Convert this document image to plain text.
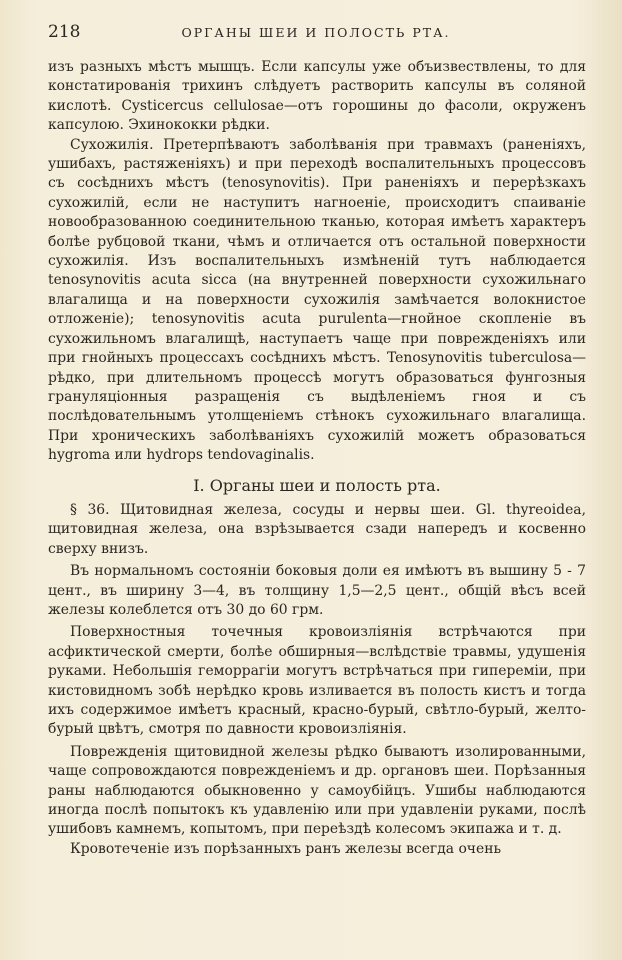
218	ОРГАНЫ ШЕИ И ПОЛОСТЬ РТА.

изъ разныхъ мѣстъ мышцъ. Если капсулы уже объизвествлены, то для констатированія трихинъ слѣдуетъ растворить капсулы въ соляной кислотѣ. Cysticercus cellulosae—отъ горошины до фасоли, окруженъ капсулою. Эхинококки рѣдки.

Сухожилія. Претерпѣваютъ заболѣванія при травмахъ (раненіяхъ, ушибахъ, растяженіяхъ) и при переходѣ воспалительныхъ процессовъ съ сосѣднихъ мѣстъ (tenosynovitis). При раненіяхъ и перерѣзкахъ сухожилій, если не наступитъ нагноеніе, происходитъ спаиваніе новообразованною соединительною тканью, которая имѣетъ характеръ болѣе рубцовой ткани, чѣмъ и отличается отъ остальной поверхности сухожилія. Изъ воспалительныхъ измѣненій тутъ наблюдается tenosynovitis acuta sicca (на внутренней поверхности сухожильнаго влагалища и на поверхности сухожилія замѣчается волокнистое отложеніе); tenosynovitis acuta purulenta—гнойное скопленіе въ сухожильномъ влагалищѣ, наступаетъ чаще при поврежденіяхъ или при гнойныхъ процессахъ сосѣднихъ мѣстъ. Tenosynovitis tuberculosa—рѣдко, при длительномъ процессѣ могутъ образоваться фунгозныя грануляціонныя разращенія съ выдѣленіемъ гноя и съ послѣдовательнымъ утолщеніемъ стѣнокъ сухожильнаго влагалища. При хроническихъ заболѣваніяхъ сухожилій можетъ образоваться hygroma или hydrops tendovaginalis.

I. Органы шеи и полость рта.

§ 36. Щитовидная железа, сосуды и нервы шеи. Gl. thyreoidea, щитовидная железа, она взрѣзывается сзади напередъ и косвенно сверху внизъ.

Въ нормальномъ состояніи боковыя доли ея имѣютъ въ вышину 5 - 7 цент., въ ширину 3—4, въ толщину 1,5—2,5 цент., общій вѣсъ всей железы колеблется отъ 30 до 60 грм.

Поверхностныя точечныя кровоизліянія встрѣчаются при асфиктической смерти, болѣе обширныя—вслѣдствіе травмы, удушенія руками. Небольшія геморрагіи могутъ встрѣчаться при гипереміи, при кистовидномъ зобѣ нерѣдко кровь изливается въ полость кистъ и тогда ихъ содержимое имѣетъ красный, красно-бурый, свѣтло-бурый, желто-бурый цвѣтъ, смотря по давности кровоизліянія.

Поврежденія щитовидной железы рѣдко бываютъ изолированными, чаще сопровождаются поврежденіемъ и др. органовъ шеи. Порѣзанныя раны наблюдаются обыкновенно у самоубійцъ. Ушибы наблюдаются иногда послѣ попытокъ къ удавленію или при удавленіи руками, послѣ ушибовъ камнемъ, копытомъ, при переѣздѣ колесомъ экипажа и т. д.

Кровотеченіе изъ порѣзанныхъ ранъ железы всегда очень
